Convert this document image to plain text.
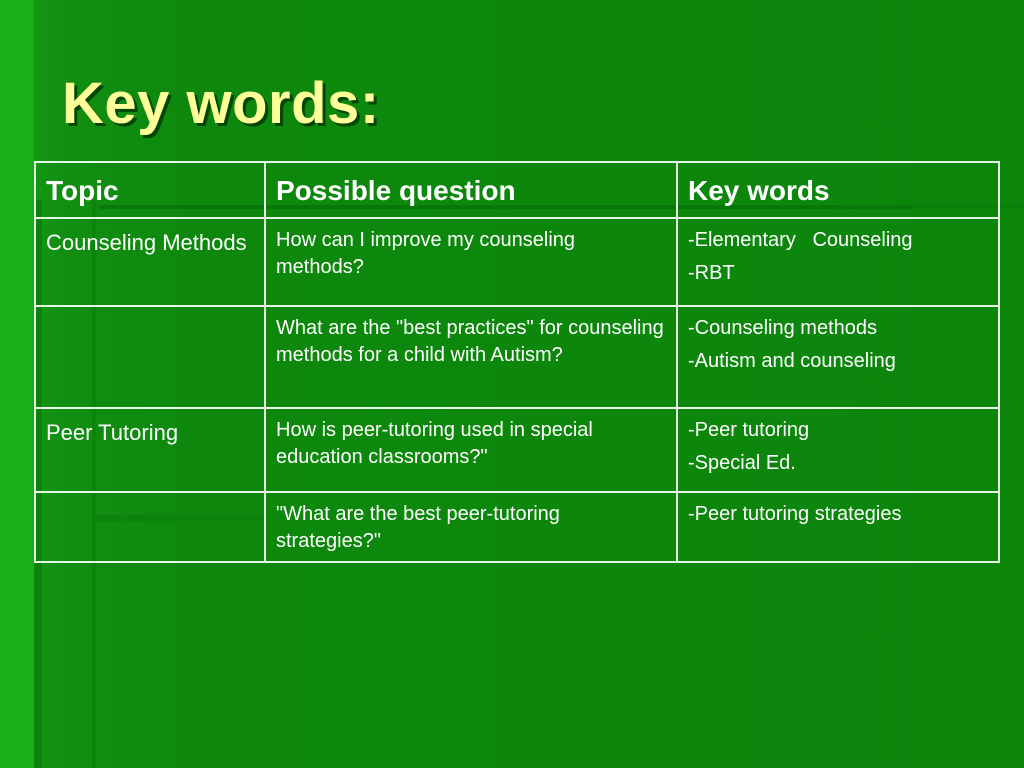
Key words:
Topic	Possible question	Key words
Counseling Methods	How can I improve my counseling methods?	-Elementary   Counseling
-RBT

	What are the "best practices" for counseling methods for a child with Autism?	-Counseling methods
-Autism and counseling

Peer Tutoring	How is peer-tutoring used in special education classrooms?"	-Peer tutoring
-Special Ed.

	"What are the best peer-tutoring strategies?"	-Peer tutoring strategies
